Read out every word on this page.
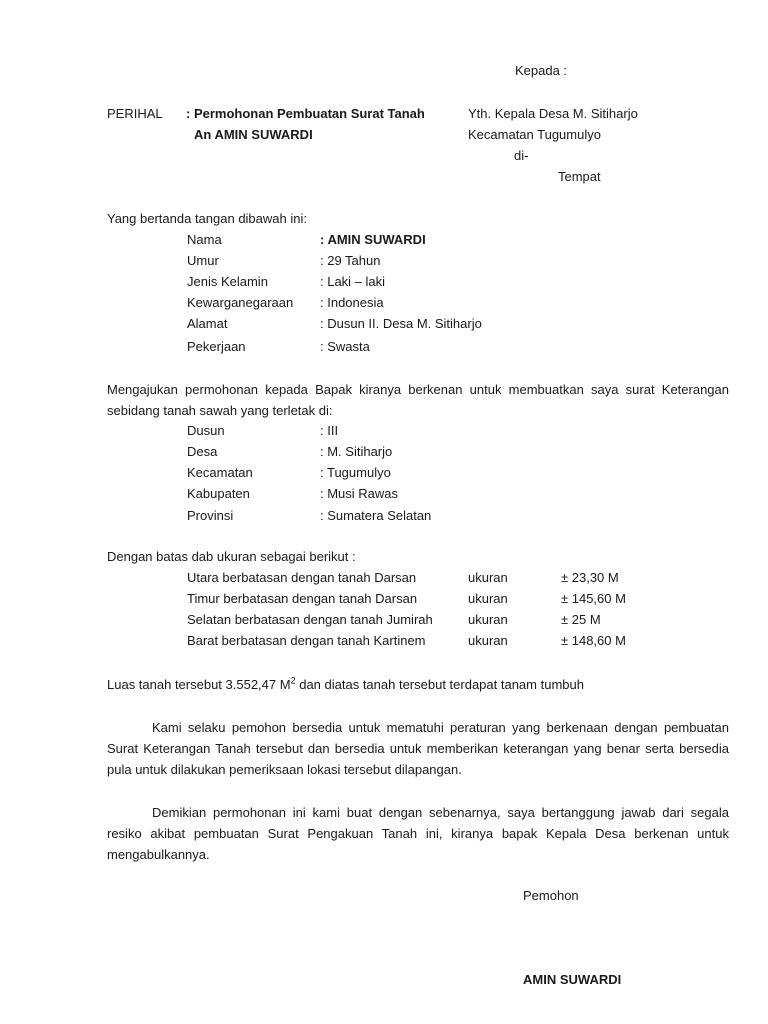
Kepada :
PERIHAL : Permohonan Pembuatan Surat Tanah
An AMIN SUWARDI
Yth. Kepala Desa M. Sitiharjo
Kecamatan Tugumulyo
di-
Tempat
Yang bertanda tangan dibawah ini:
Nama	: AMIN SUWARDI
Umur	: 29 Tahun
Jenis Kelamin	: Laki – laki
Kewarganegaraan : Indonesia
Alamat	: Dusun II. Desa M. Sitiharjo
Pekerjaan	: Swasta
Mengajukan permohonan kepada Bapak kiranya berkenan untuk membuatkan saya surat Keterangan sebidang tanah sawah yang terletak di:
Dusun	: III
Desa	: M. Sitiharjo
Kecamatan	: Tugumulyo
Kabupaten	: Musi Rawas
Provinsi	: Sumatera Selatan
Dengan batas dab ukuran sebagai berikut :
Utara berbatasan dengan tanah Darsan	ukuran	± 23,30 M
Timur berbatasan dengan tanah Darsan	ukuran	± 145,60 M
Selatan berbatasan dengan tanah Jumirah	ukuran	± 25 M
Barat berbatasan dengan tanah Kartinem	ukuran	± 148,60 M
Luas tanah tersebut 3.552,47 $M^2$ dan diatas tanah tersebut terdapat tanam tumbuh
Kami selaku pemohon bersedia untuk mematuhi peraturan yang berkenaan dengan pembuatan Surat Keterangan Tanah tersebut dan bersedia untuk memberikan keterangan yang benar serta bersedia pula untuk dilakukan pemeriksaan lokasi tersebut dilapangan.
Demikian permohonan ini kami buat dengan sebenarnya, saya bertanggung jawab dari segala resiko akibat pembuatan Surat Pengakuan Tanah ini, kiranya bapak Kepala Desa berkenan untuk mengabulkannya.
Pemohon
AMIN SUWARDI
